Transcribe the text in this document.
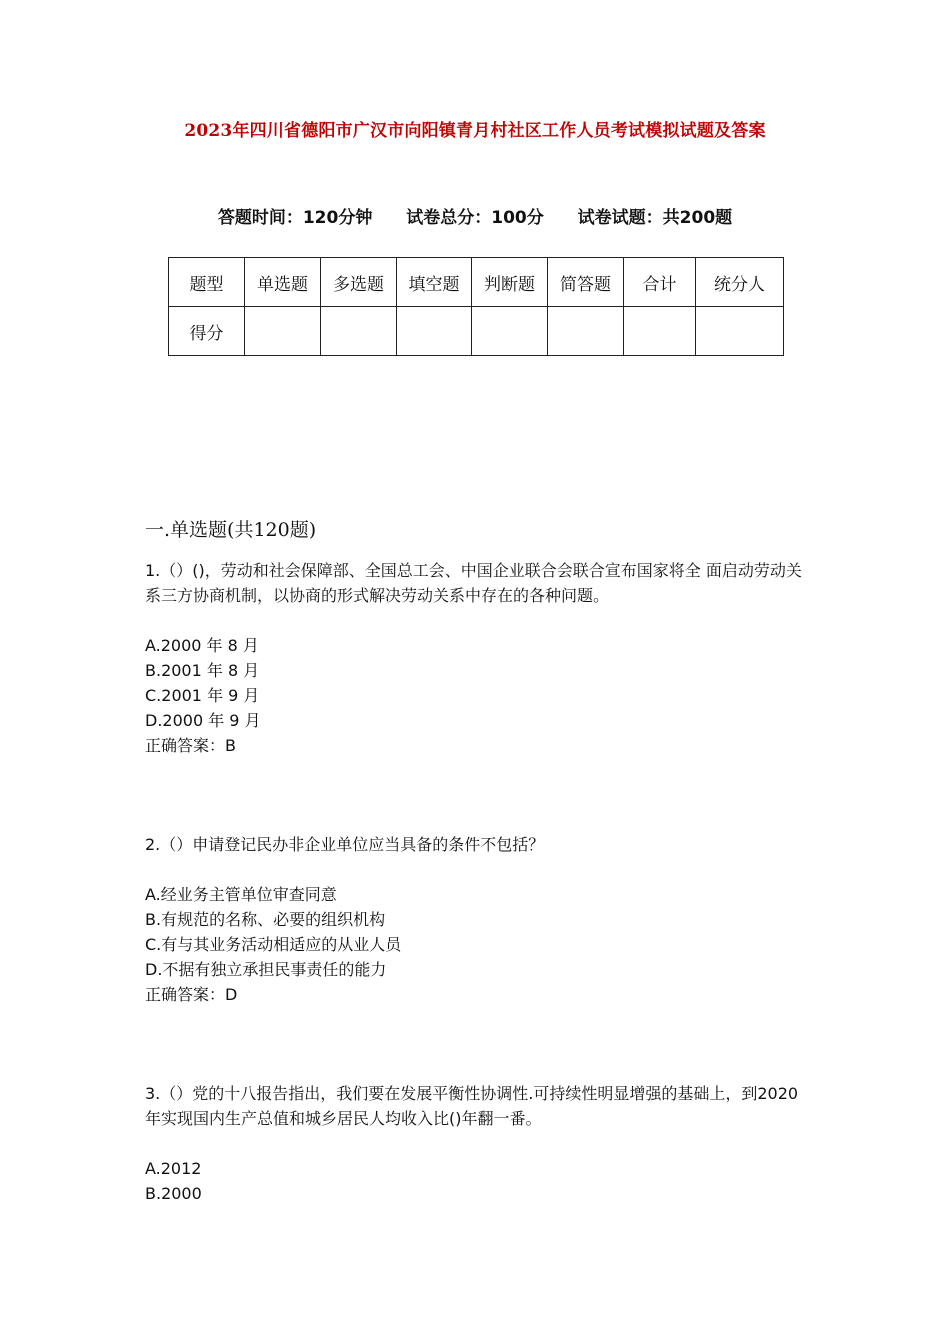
2023年四川省德阳市广汉市向阳镇青月村社区工作人员考试模拟试题及答案
答题时间：120分钟 试卷总分：100分 试卷试题：共200题
题型	单选题	多选题	填空题	判断题	简答题	合计	统分人
得分							
一.单选题(共120题)

1.（）()，劳动和社会保障部、全国总工会、中国企业联合会联合宣布国家将全 面启动劳动关系三方协商机制，以协商的形式解决劳动关系中存在的各种问题。

A.2000 年 8 月

B.2001 年 8 月

C.2001 年 9 月

D.2000 年 9 月

正确答案：B

2.（）申请登记民办非企业单位应当具备的条件不包括？

A.经业务主管单位审查同意

B.有规范的名称、必要的组织机构

C.有与其业务活动相适应的从业人员

D.不据有独立承担民事责任的能力

正确答案：D

3.（）党的十八报告指出，我们要在发展平衡性协调性.可持续性明显增强的基础上，到2020年实现国内生产总值和城乡居民人均收入比()年翻一番。

A.2012

B.2000
